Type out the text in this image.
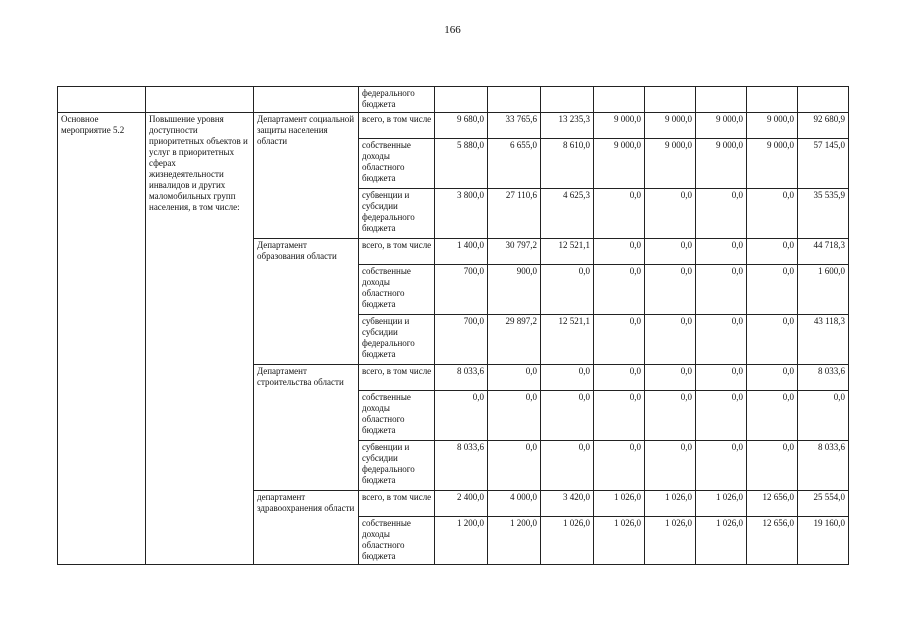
166
			федерального бюджета								
Основное мероприятие 5.2	Повышение уровня доступности приоритетных объектов и услуг в приоритетных сферах жизнедеятельности инвалидов и других маломобильных групп населения, в том числе:	Департамент социальной защиты населения области	всего, в том числе	9 680,0	33 765,6	13 235,3	9 000,0	9 000,0	9 000,0	9 000,0	92 680,9
			собственные доходы областного бюджета	5 880,0	6 655,0	8 610,0	9 000,0	9 000,0	9 000,0	9 000,0	57 145,0
			субвенции и субсидии федерального бюджета	3 800,0	27 110,6	4 625,3	0,0	0,0	0,0	0,0	35 535,9
		Департамент образования области	всего, в том числе	1 400,0	30 797,2	12 521,1	0,0	0,0	0,0	0,0	44 718,3
			собственные доходы областного бюджета	700,0	900,0	0,0	0,0	0,0	0,0	0,0	1 600,0
			субвенции и субсидии федерального бюджета	700,0	29 897,2	12 521,1	0,0	0,0	0,0	0,0	43 118,3
		Департамент строительства области	всего, в том числе	8 033,6	0,0	0,0	0,0	0,0	0,0	0,0	8 033,6
			собственные доходы областного бюджета	0,0	0,0	0,0	0,0	0,0	0,0	0,0	0,0
			субвенции и субсидии федерального бюджета	8 033,6	0,0	0,0	0,0	0,0	0,0	0,0	8 033,6
		департамент здравоохранения области	всего, в том числе	2 400,0	4 000,0	3 420,0	1 026,0	1 026,0	1 026,0	12 656,0	25 554,0
			собственные доходы областного бюджета	1 200,0	1 200,0	1 026,0	1 026,0	1 026,0	1 026,0	12 656,0	19 160,0
